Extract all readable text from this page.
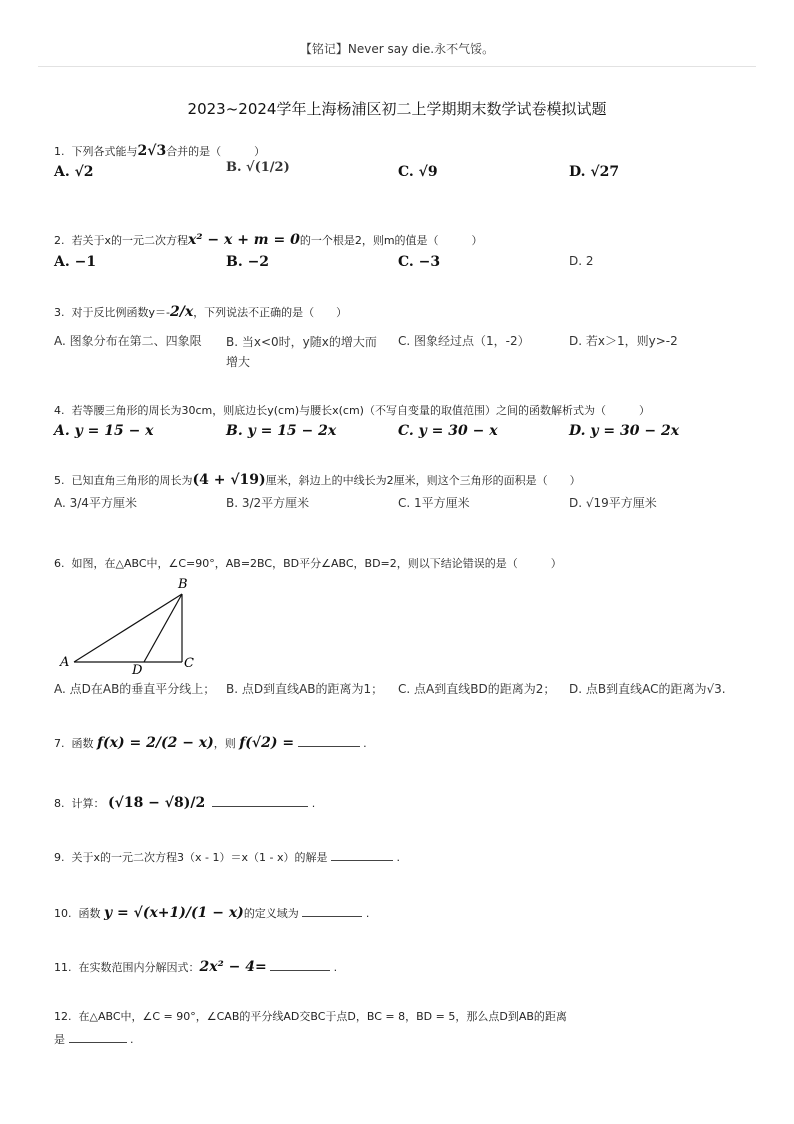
【铭记】Never say die.永不气馁。
2023~2024学年上海杨浦区初二上学期期末数学试卷模拟试题
1. 下列各式能与2√3合并的是（　　　）
A. √2	B. √(1/2)	C. √9	D. √27
2. 若关于x的一元二次方程x² − x + m = 0的一个根是2，则m的值是（　　　）
A. −1	B. −2	C. −3	D. 2
3. 对于反比例函数y＝-2/x，下列说法不正确的是（　　）
A. 图象分布在第二、四象限 B. 当x<0时，y随x的增大而增大
C. 图象经过点（1，-2）	D. 若x＞1，则y>-2
4. 若等腰三角形的周长为30cm，则底边长y(cm)与腰长x(cm)（不写自变量的取值范围）之间的函数解析式为（　　　）
A. y = 15 − x	B. y = 15 − 2x	C. y = 30 − x	D. y = 30 − 2x
5. 已知直角三角形的周长为(4 + √19)厘米，斜边上的中线长为2厘米，则这个三角形的面积是（　　）
A. 3/4平方厘米	B. 3/2平方厘米	C. 1平方厘米	D. √19平方厘米
6. 如图，在△ABC中，∠C=90°，AB=2BC，BD平分∠ABC，BD=2，则以下结论错误的是（　　　）
B
A
D	C
A. 点D在AB的垂直平分线上； B. 点D到直线AB的距离为1； C. 点A到直线BD的距离为2； D. 点B到直线AC的距离为√3.
7. 函数 f(x) = 2/(2 − x)，则 f(√2) =	.
8. 计算： (√18 − √8)/2	.
9. 关于x的一元二次方程3（x - 1）＝x（1 - x）的解是	.
10. 函数 y = √(x+1)/(1 − x)的定义域为	.
11. 在实数范围内分解因式：2x² − 4=	.
12. 在△ABC中，∠C = 90°，∠CAB的平分线AD交BC于点D，BC = 8，BD = 5，那么点D到AB的距离
是	.
